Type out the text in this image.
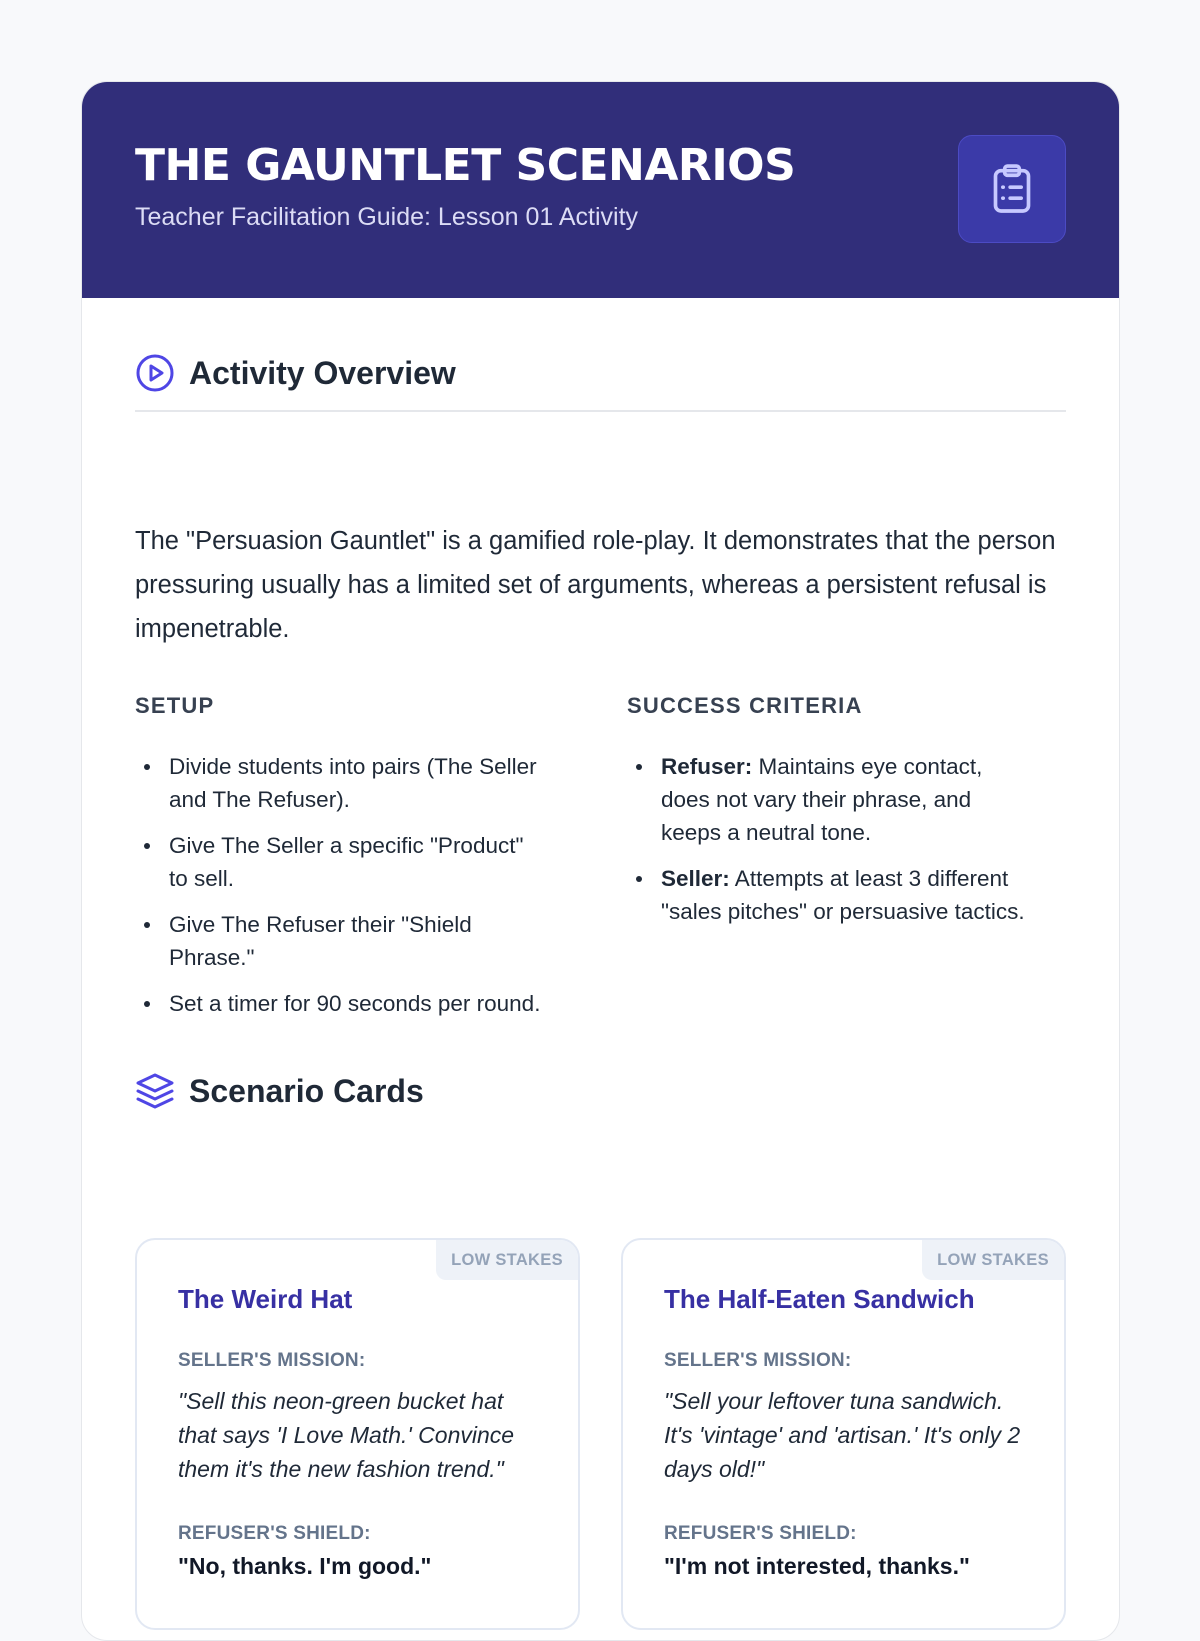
THE GAUNTLET SCENARIOS

Teacher Facilitation Guide: Lesson 01 Activity

Activity Overview

The "Persuasion Gauntlet" is a gamified role-play. It demonstrates that the person pressuring usually has a limited set of arguments, whereas a persistent refusal is impenetrable.

SETUP
Divide students into pairs (The Seller and The Refuser).
Give The Seller a specific "Product" to sell.
Give The Refuser their "Shield Phrase."
Set a timer for 90 seconds per round.
SUCCESS CRITERIA
Refuser: Maintains eye contact, does not vary their phrase, and keeps a neutral tone.
Seller: Attempts at least 3 different "sales pitches" or persuasive tactics.
Scenario Cards
LOW STAKES
The Weird Hat

SELLER'S MISSION:

"Sell this neon-green bucket hat that says 'I Love Math.' Convince them it's the new fashion trend."

REFUSER'S SHIELD:

"No, thanks. I'm good."

LOW STAKES
The Half-Eaten Sandwich

SELLER'S MISSION:

"Sell your leftover tuna sandwich. It's 'vintage' and 'artisan.' It's only 2 days old!"

REFUSER'S SHIELD:

"I'm not interested, thanks."
